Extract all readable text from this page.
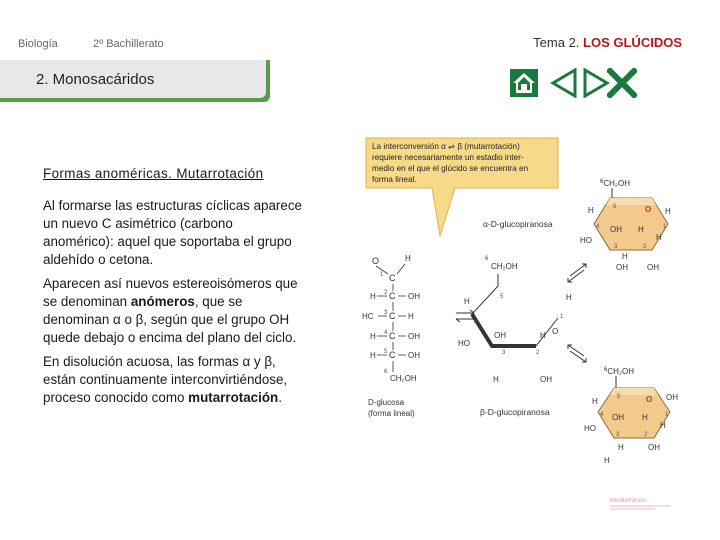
Biología	2º Bachillerato	Tema 2. LOS GLÚCIDOS
2. Monosacáridos
Formas anoméricas. Mutarrotación

Al formarse las estructuras cíclicas aparece un nuevo C asimétrico (carbono anomérico): aquel que soportaba el grupo aldehído o cetona.

Aparecen así nuevos estereoisómeros que se denominan anómeros, que se denominan α o β, según que el grupo OH quede debajo o encima del plano del ciclo.

En disolución acuosa, las formas α y β, están continuamente interconvirtiéndose, proceso conocido como mutarrotación.

La interconversión α ⇌ β (mutarrotación)
requiere necesariamente un estadio inter-
medio en el que el glúcido se encuentra en
forma lineal.	$^6$CH₂OH
O
5
4
3	2
1
H	H
OH H
HO	H
H
OH
OH
α-D-glucopiranosa
6
CH₂OH
H	5
4
OH	H
HO
3	2
H	OH
1
H
O
O	H
C
1
H C
2	OH
HC C
3	H
H C
4	OH
H C
5	OH
6
CH₂OH
D-glucosa
(forma lineal)
$^6$CH₂OH
O
5
4
3	2
1
H	OH
OH H
HO	H
H	OH
H
β-D-glucopiranosa
Mediterráneo
